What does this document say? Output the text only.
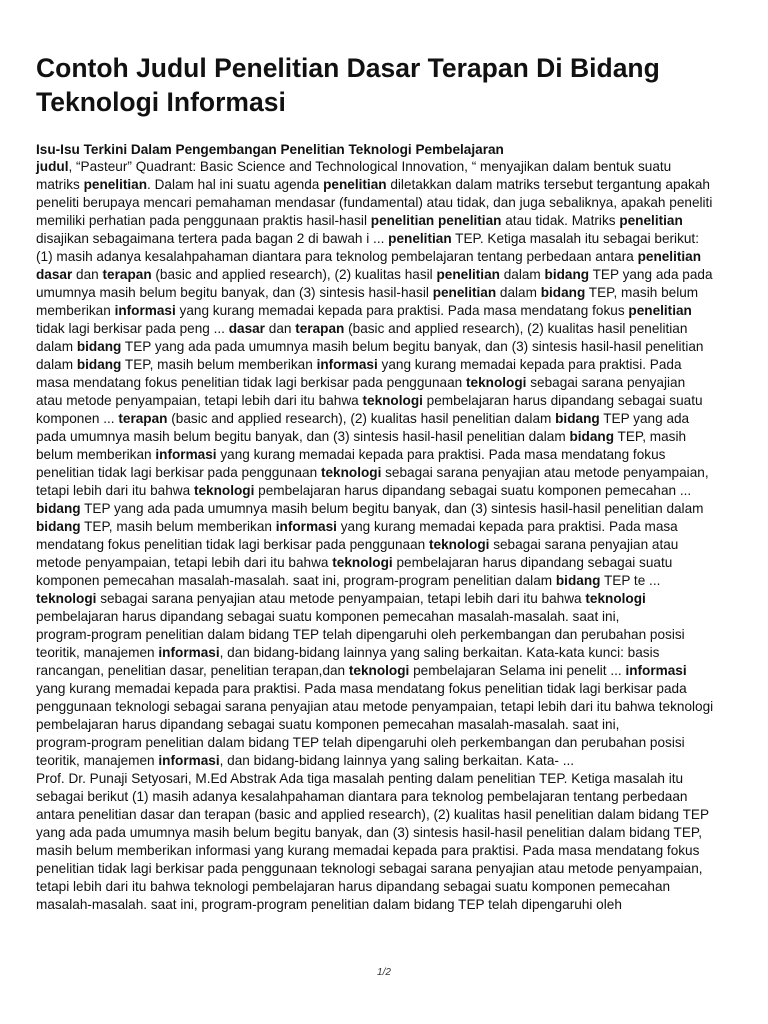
Contoh Judul Penelitian Dasar Terapan Di Bidang Teknologi Informasi
Isu-Isu Terkini Dalam Pengembangan Penelitian Teknologi Pembelajaran
judul, “Pasteur” Quadrant: Basic Science and Technological Innovation, “ menyajikan dalam bentuk suatu
matriks penelitian. Dalam hal ini suatu agenda penelitian diletakkan dalam matriks tersebut tergantung apakah
peneliti berupaya mencari pemahaman mendasar (fundamental) atau tidak, dan juga sebaliknya, apakah peneliti
memiliki perhatian pada penggunaan praktis hasil-hasil penelitian penelitian atau tidak. Matriks penelitian
disajikan sebagaimana tertera pada bagan 2 di bawah i ... penelitian TEP. Ketiga masalah itu sebagai berikut:
(1) masih adanya kesalahpahaman diantara para teknolog pembelajaran tentang perbedaan antara penelitian
dasar dan terapan (basic and applied research), (2) kualitas hasil penelitian dalam bidang TEP yang ada pada
umumnya masih belum begitu banyak, dan (3) sintesis hasil-hasil penelitian dalam bidang TEP, masih belum
memberikan informasi yang kurang memadai kepada para praktisi. Pada masa mendatang fokus penelitian
tidak lagi berkisar pada peng ... dasar dan terapan (basic and applied research), (2) kualitas hasil penelitian
dalam bidang TEP yang ada pada umumnya masih belum begitu banyak, dan (3) sintesis hasil-hasil penelitian
dalam bidang TEP, masih belum memberikan informasi yang kurang memadai kepada para praktisi. Pada
masa mendatang fokus penelitian tidak lagi berkisar pada penggunaan teknologi sebagai sarana penyajian
atau metode penyampaian, tetapi lebih dari itu bahwa teknologi pembelajaran harus dipandang sebagai suatu
komponen ... terapan (basic and applied research), (2) kualitas hasil penelitian dalam bidang TEP yang ada
pada umumnya masih belum begitu banyak, dan (3) sintesis hasil-hasil penelitian dalam bidang TEP, masih
belum memberikan informasi yang kurang memadai kepada para praktisi. Pada masa mendatang fokus
penelitian tidak lagi berkisar pada penggunaan teknologi sebagai sarana penyajian atau metode penyampaian,
tetapi lebih dari itu bahwa teknologi pembelajaran harus dipandang sebagai suatu komponen pemecahan ...
bidang TEP yang ada pada umumnya masih belum begitu banyak, dan (3) sintesis hasil-hasil penelitian dalam
bidang TEP, masih belum memberikan informasi yang kurang memadai kepada para praktisi. Pada masa
mendatang fokus penelitian tidak lagi berkisar pada penggunaan teknologi sebagai sarana penyajian atau
metode penyampaian, tetapi lebih dari itu bahwa teknologi pembelajaran harus dipandang sebagai suatu
komponen pemecahan masalah-masalah. saat ini, program-program penelitian dalam bidang TEP te ...
teknologi sebagai sarana penyajian atau metode penyampaian, tetapi lebih dari itu bahwa teknologi
pembelajaran harus dipandang sebagai suatu komponen pemecahan masalah-masalah. saat ini,
program-program penelitian dalam bidang TEP telah dipengaruhi oleh perkembangan dan perubahan posisi
teoritik, manajemen informasi, dan bidang-bidang lainnya yang saling berkaitan. Kata-kata kunci: basis
rancangan, penelitian dasar, penelitian terapan,dan teknologi pembelajaran Selama ini penelit ... informasi
yang kurang memadai kepada para praktisi. Pada masa mendatang fokus penelitian tidak lagi berkisar pada
penggunaan teknologi sebagai sarana penyajian atau metode penyampaian, tetapi lebih dari itu bahwa teknologi
pembelajaran harus dipandang sebagai suatu komponen pemecahan masalah-masalah. saat ini,
program-program penelitian dalam bidang TEP telah dipengaruhi oleh perkembangan dan perubahan posisi
teoritik, manajemen informasi, dan bidang-bidang lainnya yang saling berkaitan. Kata- ...
Prof. Dr. Punaji Setyosari, M.Ed Abstrak Ada tiga masalah penting dalam penelitian TEP. Ketiga masalah itu
sebagai berikut (1) masih adanya kesalahpahaman diantara para teknolog pembelajaran tentang perbedaan
antara penelitian dasar dan terapan (basic and applied research), (2) kualitas hasil penelitian dalam bidang TEP
yang ada pada umumnya masih belum begitu banyak, dan (3) sintesis hasil-hasil penelitian dalam bidang TEP,
masih belum memberikan informasi yang kurang memadai kepada para praktisi. Pada masa mendatang fokus
penelitian tidak lagi berkisar pada penggunaan teknologi sebagai sarana penyajian atau metode penyampaian,
tetapi lebih dari itu bahwa teknologi pembelajaran harus dipandang sebagai suatu komponen pemecahan
masalah-masalah. saat ini, program-program penelitian dalam bidang TEP telah dipengaruhi oleh
1/2
